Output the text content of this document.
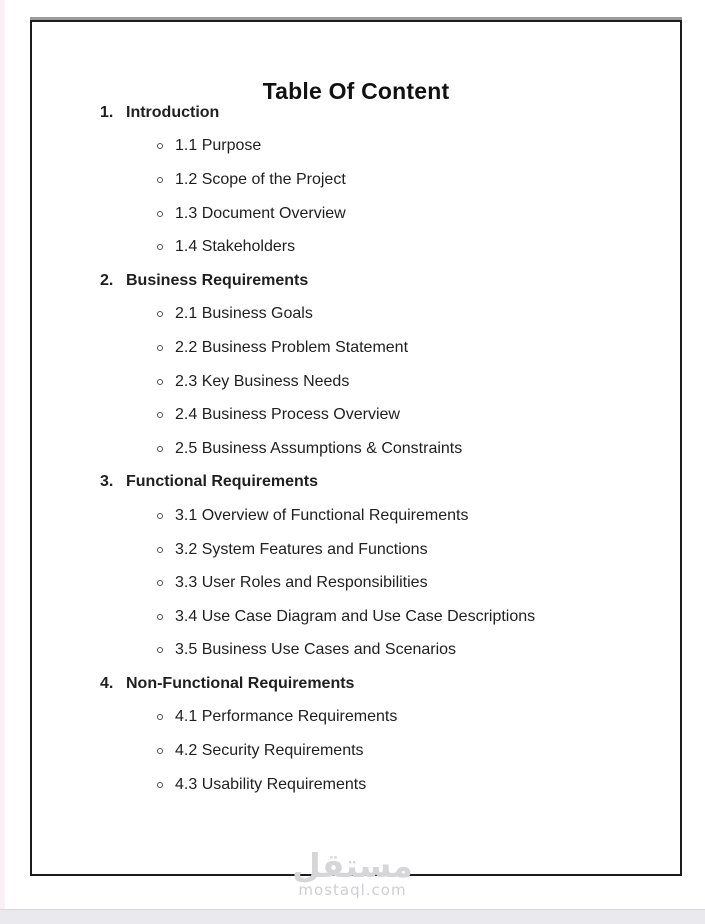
Table Of Content
1. Introduction
1.1 Purpose
1.2 Scope of the Project
1.3 Document Overview
1.4 Stakeholders
2. Business Requirements
2.1 Business Goals
2.2 Business Problem Statement
2.3 Key Business Needs
2.4 Business Process Overview
2.5 Business Assumptions & Constraints
3. Functional Requirements
3.1 Overview of Functional Requirements
3.2 System Features and Functions
3.3 User Roles and Responsibilities
3.4 Use Case Diagram and Use Case Descriptions
3.5 Business Use Cases and Scenarios
4. Non-Functional Requirements
4.1 Performance Requirements
4.2 Security Requirements
4.3 Usability Requirements
مستقل
mostaql.com
